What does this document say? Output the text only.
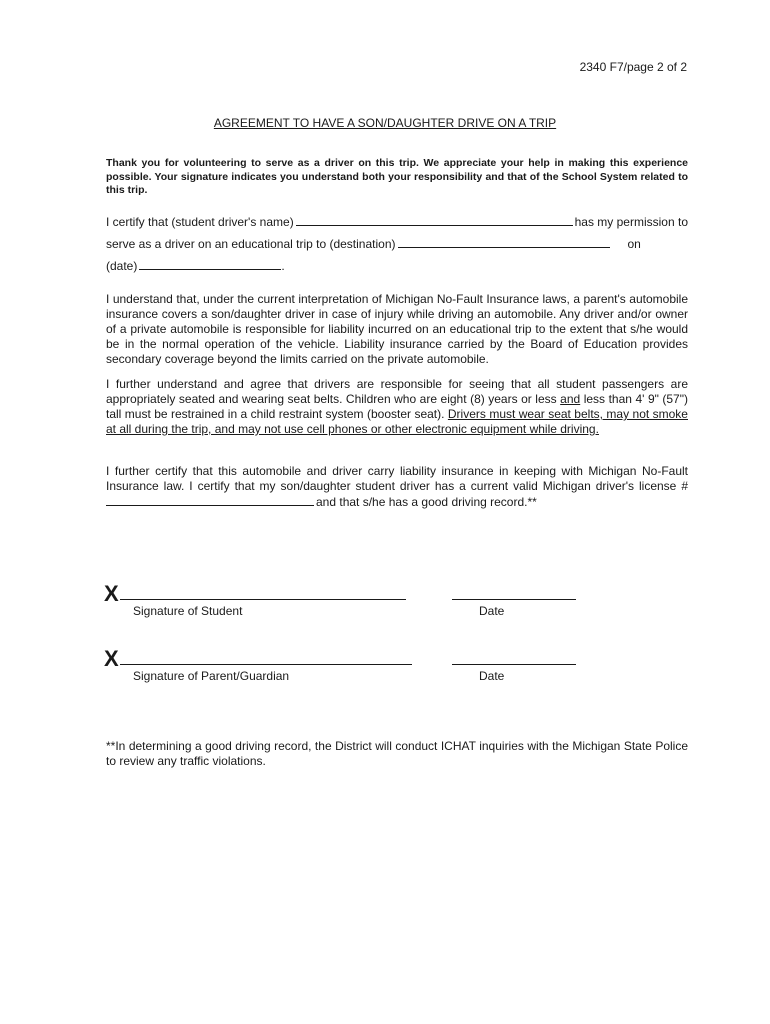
2340 F7/page 2 of 2
AGREEMENT TO HAVE A SON/DAUGHTER DRIVE ON A TRIP
Thank you for volunteering to serve as a driver on this trip. We appreciate your help in making this experience possible. Your signature indicates you understand both your responsibility and that of the School System related to this trip.
I certify that (student driver's name)	has my permission to
serve as a driver on an educational trip to (destination)	on
(date)	.
I understand that, under the current interpretation of Michigan No-Fault Insurance laws, a parent's automobile insurance covers a son/daughter driver in case of injury while driving an automobile. Any driver and/or owner of a private automobile is responsible for liability incurred on an educational trip to the extent that s/he would be in the normal operation of the vehicle. Liability insurance carried by the Board of Education provides secondary coverage beyond the limits carried on the private automobile.
I further understand and agree that drivers are responsible for seeing that all student passengers are appropriately seated and wearing seat belts. Children who are eight (8) years or less and less than 4' 9" (57") tall must be restrained in a child restraint system (booster seat). Drivers must wear seat belts, may not smoke at all during the trip, and may not use cell phones or other electronic equipment while driving.
I further certify that this automobile and driver carry liability insurance in keeping with Michigan No-Fault Insurance law. I certify that my son/daughter student driver has a current valid Michigan driver's license #and that s/he has a good driving record.**
X
Signature of Student	Date
X
Signature of Parent/Guardian	Date
**In determining a good driving record, the District will conduct ICHAT inquiries with the Michigan State Police to review any traffic violations.
